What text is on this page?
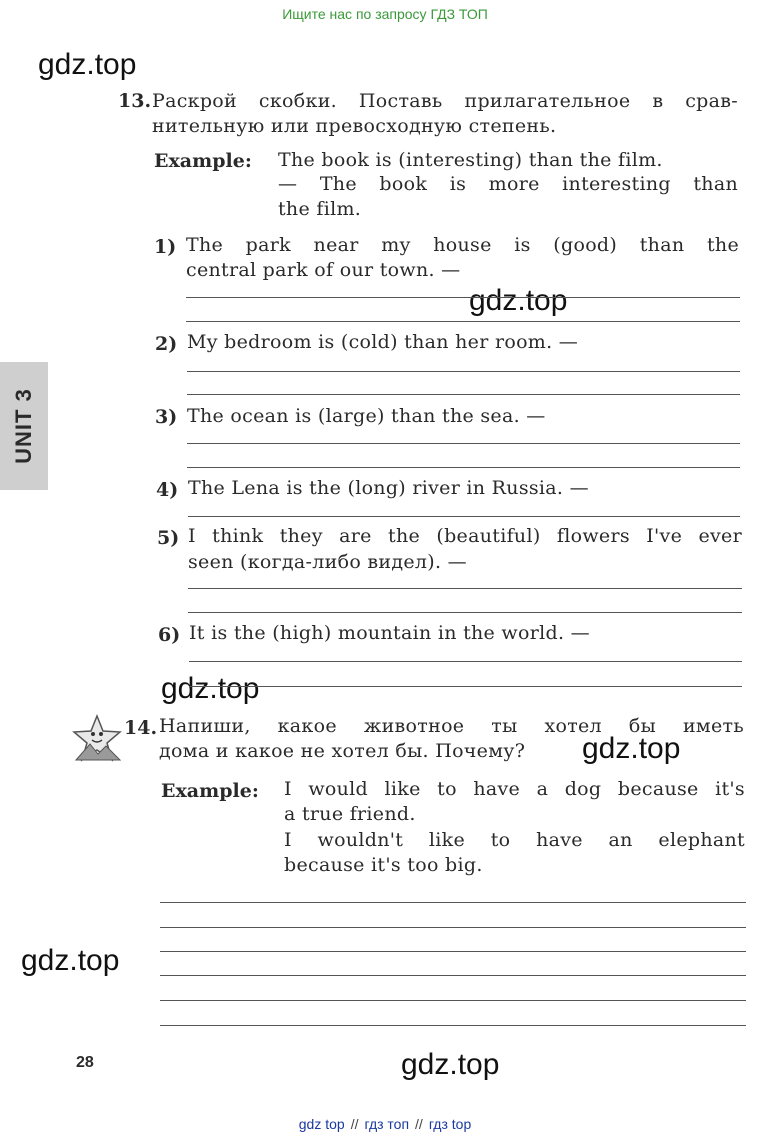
Ищите нас по запросу ГДЗ ТОП
gdz.top
gdz.top
gdz.top
gdz.top
gdz.top
gdz.top
UNIT 3
13. Раскрой скобки. Поставь прилагательное в срав-
нительную или превосходную степень.
Example: The book is (interesting) than the film.
— The book is more interesting than
the film.
1) The park near my house is (good) than the
central park of our town. —
2) My bedroom is (cold) than her room. —
3) The ocean is (large) than the sea. —
4) The Lena is the (long) river in Russia. —
5) I think they are the (beautiful) flowers I've ever
seen (когда-либо видел). —
6) It is the (high) mountain in the world. —
14. Напиши, какое животное ты хотел бы иметь
дома и какое не хотел бы. Почему?
Example: I would like to have a dog because it's
a true friend.
I wouldn't like to have an elephant
because it's too big.
28
gdz top // гдз топ // гдз top
